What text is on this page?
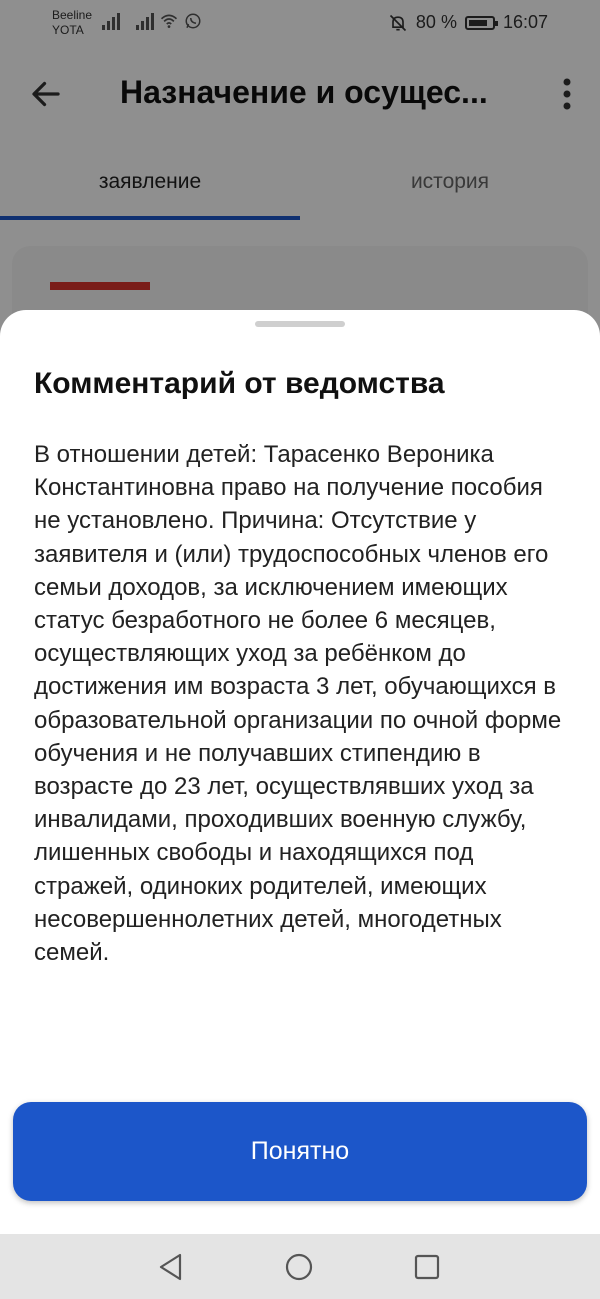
Beeline
YOTA	80 %	16:07
Назначение и осущес...
заявление	история
Комментарий от ведомства
В отношении детей: Тарасенко Вероника Константиновна право на получение пособия не установлено. Причина: Отсутствие у заявителя и (или) трудоспособных членов его семьи доходов, за исключением имеющих статус безработного не более 6 месяцев, осуществляющих уход за ребёнком до достижения им возраста 3 лет, обучающихся в образовательной организации по очной форме обучения и не получавших стипендию в возрасте до 23 лет, осуществлявших уход за инвалидами, проходивших военную службу, лишенных свободы и находящихся под стражей, одиноких родителей, имеющих несовершеннолетних детей, многодетных семей.
Понятно
